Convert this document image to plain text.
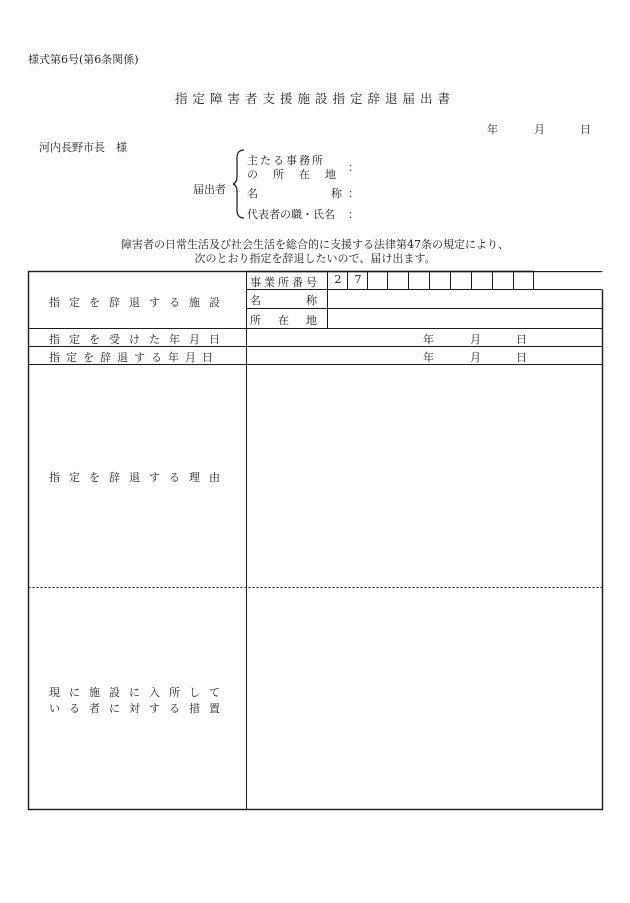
様式第6号(第6条関係)
指定障害者支援施設指定辞退届出書
年	月	日
河内長野市長　様
届出者
主たる事務所
の　所　在　地
：
名　　　　　称 ：
代表者の職・氏名 ：
障害者の日常生活及び社会生活を総合的に支援する法律第47条の規定により、
次のとおり指定を辞退したいので、届け出ます。
指定を辞退する施設
事業所番号	2	7
名　　　称
所　在　地
指定を受けた年月日	年	月	日
指定を辞退する年月日	年	月	日
指定を辞退する理由
現に施設に入所して
いる者に対する措置
